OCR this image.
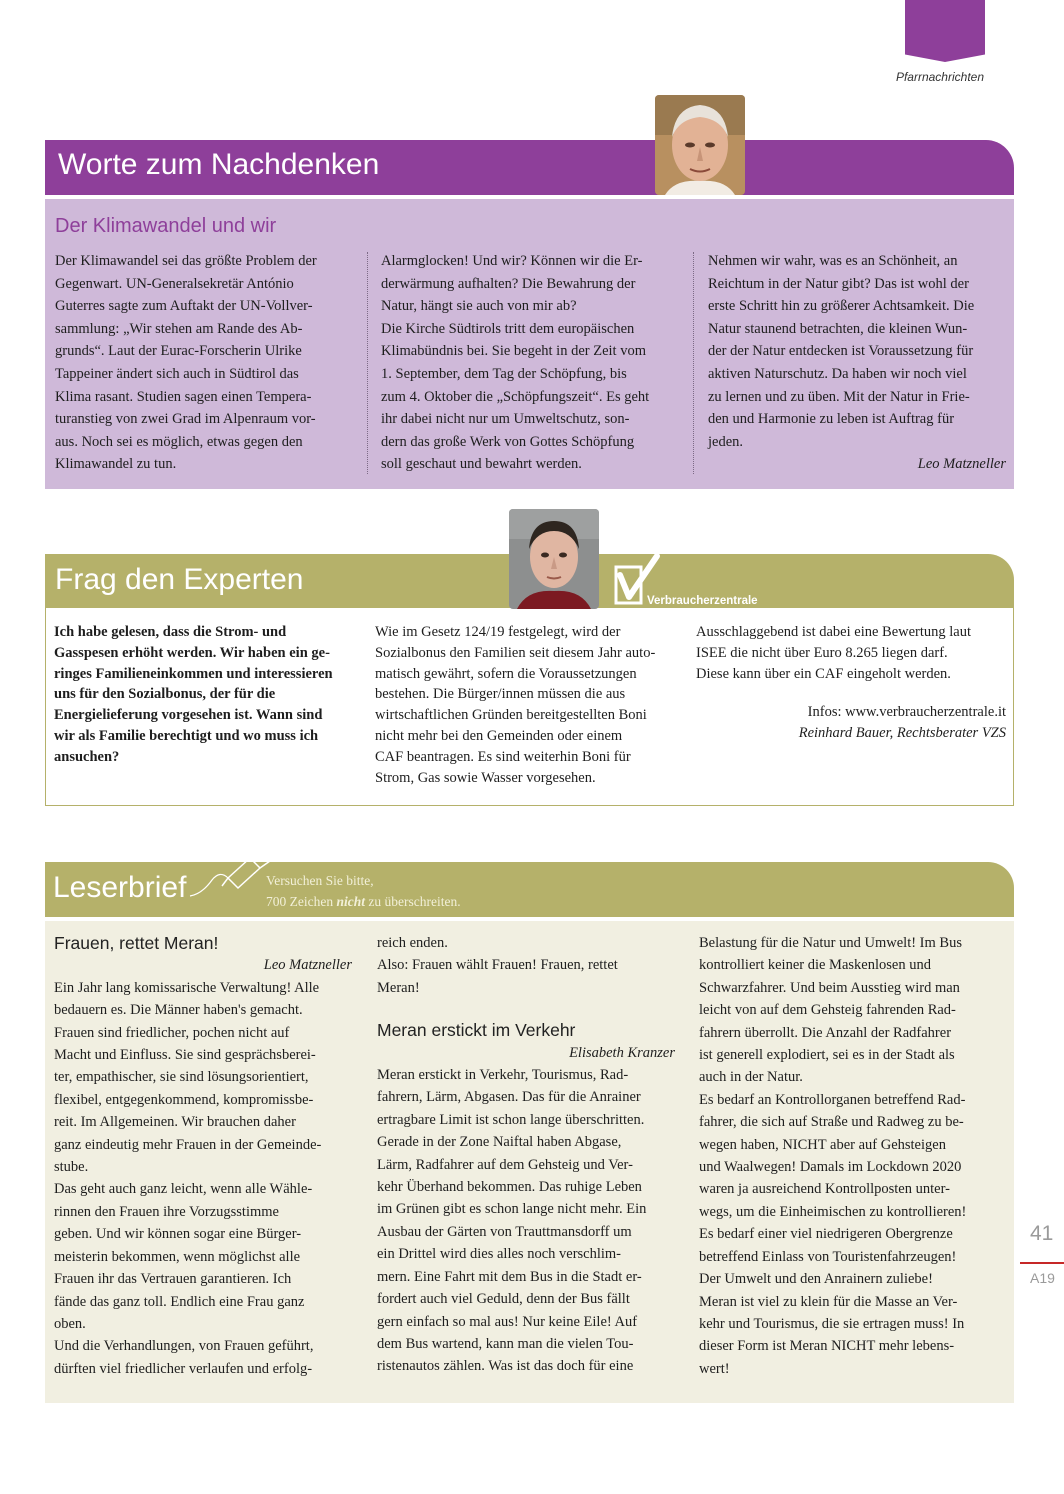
Pfarrnachrichten
Worte zum Nachdenken
Der Klimawandel und wir
Der Klimawandel sei das größte Problem der
Gegenwart. UN-Generalsekretär António
Guterres sagte zum Auftakt der UN-Vollver-
sammlung: „Wir stehen am Rande des Ab-
grunds“. Laut der Eurac-Forscherin Ulrike
Tappeiner ändert sich auch in Südtirol das
Klima rasant. Studien sagen einen Tempera-
turanstieg von zwei Grad im Alpenraum vor-
aus. Noch sei es möglich, etwas gegen den
Klimawandel zu tun.
Alarmglocken! Und wir? Können wir die Er-
derwärmung aufhalten? Die Bewahrung der
Natur, hängt sie auch von mir ab?
Die Kirche Südtirols tritt dem europäischen
Klimabündnis bei. Sie begeht in der Zeit vom
1. September, dem Tag der Schöpfung, bis
zum 4. Oktober die „Schöpfungszeit“. Es geht
ihr dabei nicht nur um Umweltschutz, son-
dern das große Werk von Gottes Schöpfung
soll geschaut und bewahrt werden.
Nehmen wir wahr, was es an Schönheit, an
Reichtum in der Natur gibt? Das ist wohl der
erste Schritt hin zu größerer Achtsamkeit. Die
Natur staunend betrachten, die kleinen Wun-
der der Natur entdecken ist Voraussetzung für
aktiven Naturschutz. Da haben wir noch viel
zu lernen und zu üben. Mit der Natur in Frie-
den und Harmonie zu leben ist Auftrag für
jeden.
Leo Matzneller
Frag den Experten
Verbraucherzentrale
Ich habe gelesen, dass die Strom- und
Gasspesen erhöht werden. Wir haben ein ge-
ringes Familieneinkommen und interessieren
uns für den Sozialbonus, der für die
Energielieferung vorgesehen ist. Wann sind
wir als Familie berechtigt und wo muss ich
ansuchen?
Wie im Gesetz 124/19 festgelegt, wird der
Sozialbonus den Familien seit diesem Jahr auto-
matisch gewährt, sofern die Voraussetzungen
bestehen. Die Bürger/innen müssen die aus
wirtschaftlichen Gründen bereitgestellten Boni
nicht mehr bei den Gemeinden oder einem
CAF beantragen. Es sind weiterhin Boni für
Strom, Gas sowie Wasser vorgesehen.
Ausschlaggebend ist dabei eine Bewertung laut
ISEE die nicht über Euro 8.265 liegen darf.
Diese kann über ein CAF eingeholt werden.
Infos: www.verbraucherzentrale.it
Reinhard Bauer, Rechtsberater VZS
Leserbrief	Versuchen Sie bitte,
700 Zeichen nicht zu überschreiten.
Frauen, rettet Meran!
Leo Matzneller
Ein Jahr lang komissarische Verwaltung! Alle
bedauern es. Die Männer haben's gemacht.
Frauen sind friedlicher, pochen nicht auf
Macht und Einfluss. Sie sind gesprächsberei-
ter, empathischer, sie sind lösungsorientiert,
flexibel, entgegenkommend, kompromissbe-
reit. Im Allgemeinen. Wir brauchen daher
ganz eindeutig mehr Frauen in der Gemeinde-
stube.
Das geht auch ganz leicht, wenn alle Wähle-
rinnen den Frauen ihre Vorzugsstimme
geben. Und wir können sogar eine Bürger-
meisterin bekommen, wenn möglichst alle
Frauen ihr das Vertrauen garantieren. Ich
fände das ganz toll. Endlich eine Frau ganz
oben.
Und die Verhandlungen, von Frauen geführt,
dürften viel friedlicher verlaufen und erfolg-
reich enden.
Also: Frauen wählt Frauen! Frauen, rettet
Meran!
Meran erstickt im Verkehr
Elisabeth Kranzer
Meran erstickt in Verkehr, Tourismus, Rad-
fahrern, Lärm, Abgasen. Das für die Anrainer
ertragbare Limit ist schon lange überschritten.
Gerade in der Zone Naiftal haben Abgase,
Lärm, Radfahrer auf dem Gehsteig und Ver-
kehr Überhand bekommen. Das ruhige Leben
im Grünen gibt es schon lange nicht mehr. Ein
Ausbau der Gärten von Trauttmansdorff um
ein Drittel wird dies alles noch verschlim-
mern. Eine Fahrt mit dem Bus in die Stadt er-
fordert auch viel Geduld, denn der Bus fällt
gern einfach so mal aus! Nur keine Eile! Auf
dem Bus wartend, kann man die vielen Tou-
ristenautos zählen. Was ist das doch für eine
Belastung für die Natur und Umwelt! Im Bus
kontrolliert keiner die Maskenlosen und
Schwarzfahrer. Und beim Ausstieg wird man
leicht von auf dem Gehsteig fahrenden Rad-
fahrern überrollt. Die Anzahl der Radfahrer
ist generell explodiert, sei es in der Stadt als
auch in der Natur.
Es bedarf an Kontrollorganen betreffend Rad-
fahrer, die sich auf Straße und Radweg zu be-
wegen haben, NICHT aber auf Gehsteigen
und Waalwegen! Damals im Lockdown 2020
waren ja ausreichend Kontrollposten unter-
wegs, um die Einheimischen zu kontrollieren!
Es bedarf einer viel niedrigeren Obergrenze
betreffend Einlass von Touristenfahrzeugen!
Der Umwelt und den Anrainern zuliebe!
Meran ist viel zu klein für die Masse an Ver-
kehr und Tourismus, die sie ertragen muss! In
dieser Form ist Meran NICHT mehr lebens-
wert!
41
A19
